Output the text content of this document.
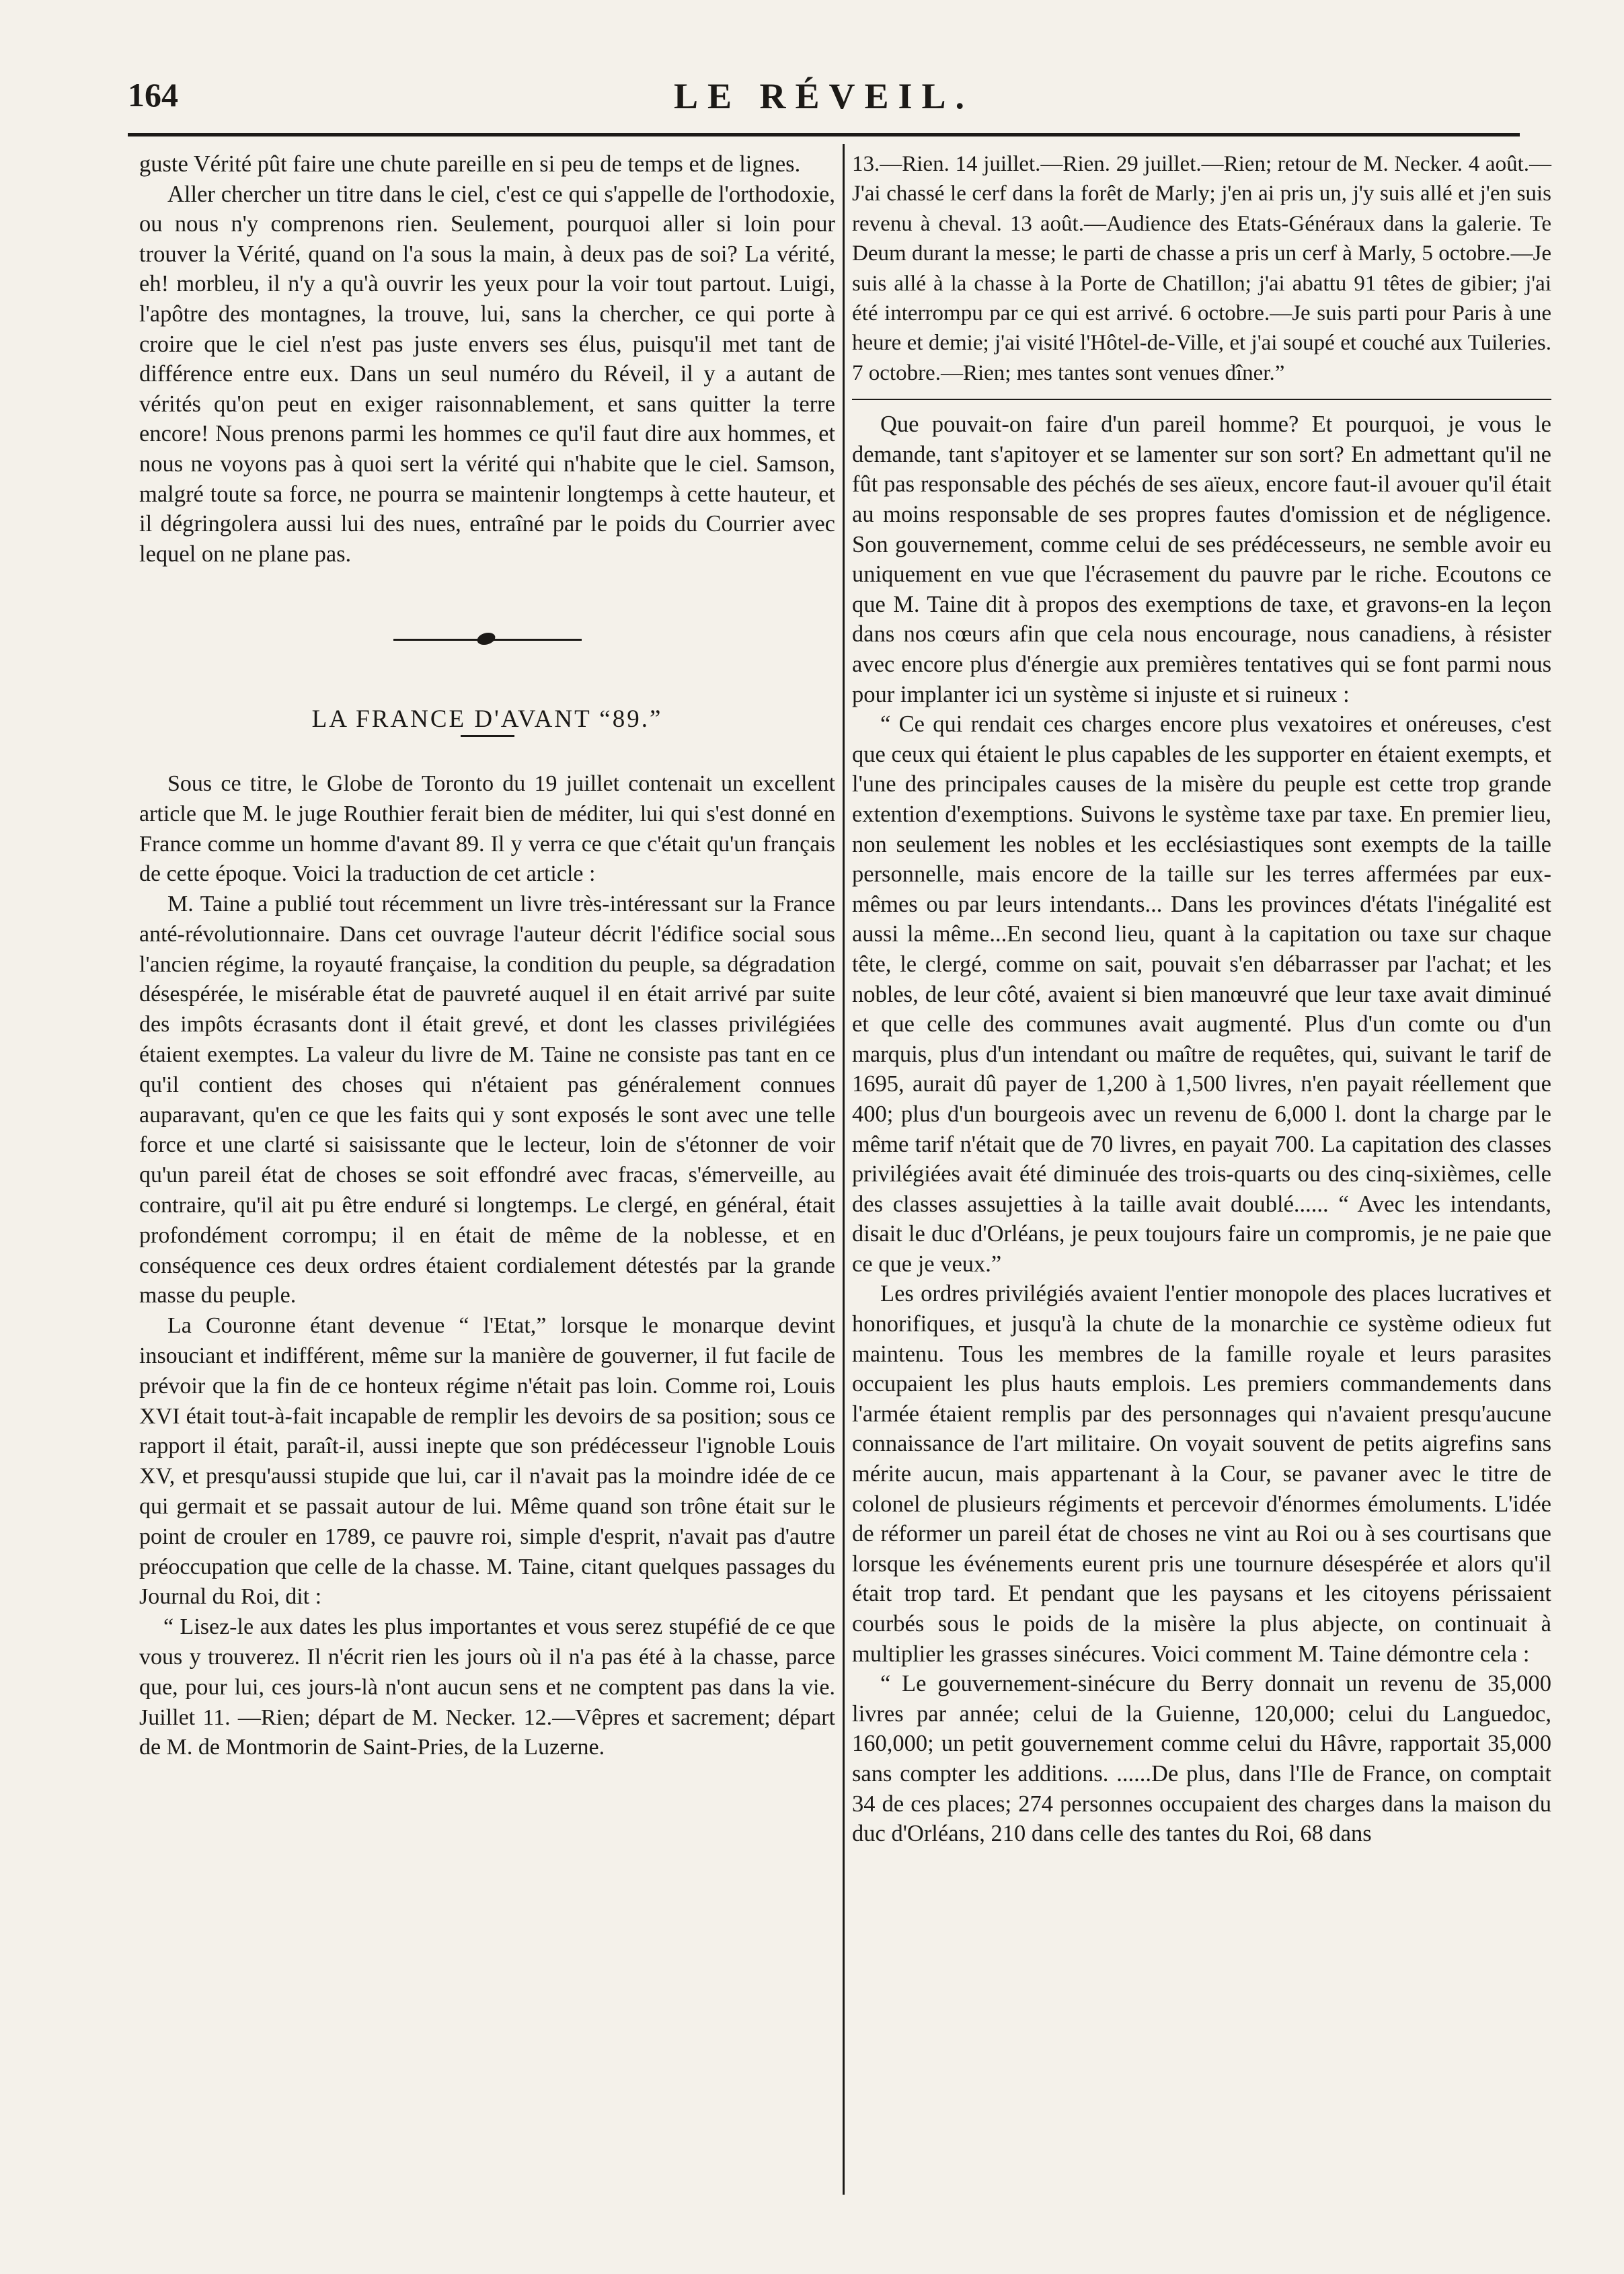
164	LE RÉVEIL.

guste Vérité pût faire une chute pareille en si peu de temps et de lignes.

Aller chercher un titre dans le ciel, c'est ce qui s'appelle de l'orthodoxie, ou nous n'y comprenons rien. Seulement, pourquoi aller si loin pour trouver la Vérité, quand on l'a sous la main, à deux pas de soi? La vérité, eh! morbleu, il n'y a qu'à ouvrir les yeux pour la voir tout partout. Luigi, l'apôtre des montagnes, la trouve, lui, sans la chercher, ce qui porte à croire que le ciel n'est pas juste envers ses élus, puisqu'il met tant de différence entre eux. Dans un seul numéro du Réveil, il y a autant de vérités qu'on peut en exiger raisonnablement, et sans quitter la terre encore! Nous prenons parmi les hommes ce qu'il faut dire aux hommes, et nous ne voyons pas à quoi sert la vérité qui n'habite que le ciel. Samson, malgré toute sa force, ne pourra se maintenir longtemps à cette hauteur, et il dégringolera aussi lui des nues, entraîné par le poids du Courrier avec lequel on ne plane pas.

LA FRANCE D'AVANT “89.”

Sous ce titre, le Globe de Toronto du 19 juillet contenait un excellent article que M. le juge Routhier ferait bien de méditer, lui qui s'est donné en France comme un homme d'avant 89. Il y verra ce que c'était qu'un français de cette époque. Voici la traduction de cet article :

M. Taine a publié tout récemment un livre très-intéressant sur la France anté-révolutionnaire. Dans cet ouvrage l'auteur décrit l'édifice social sous l'ancien régime, la royauté française, la condition du peuple, sa dégradation désespérée, le misérable état de pauvreté auquel il en était arrivé par suite des impôts écrasants dont il était grevé, et dont les classes privilégiées étaient exemptes. La valeur du livre de M. Taine ne consiste pas tant en ce qu'il contient des choses qui n'étaient pas généralement connues auparavant, qu'en ce que les faits qui y sont exposés le sont avec une telle force et une clarté si saisissante que le lecteur, loin de s'étonner de voir qu'un pareil état de choses se soit effondré avec fracas, s'émerveille, au contraire, qu'il ait pu être enduré si longtemps. Le clergé, en général, était profondément corrompu; il en était de même de la noblesse, et en conséquence ces deux ordres étaient cordialement détestés par la grande masse du peuple.

La Couronne étant devenue “ l'Etat,” lorsque le monarque devint insouciant et indifférent, même sur la manière de gouverner, il fut facile de prévoir que la fin de ce honteux régime n'était pas loin. Comme roi, Louis XVI était tout-à-fait incapable de remplir les devoirs de sa position; sous ce rapport il était, paraît-il, aussi inepte que son prédécesseur l'ignoble Louis XV, et presqu'aussi stupide que lui, car il n'avait pas la moindre idée de ce qui germait et se passait autour de lui. Même quand son trône était sur le point de crouler en 1789, ce pauvre roi, simple d'esprit, n'avait pas d'autre préoccupation que celle de la chasse. M. Taine, citant quelques passages du Journal du Roi, dit :

“ Lisez-le aux dates les plus importantes et vous serez stupéfié de ce que vous y trouverez. Il n'écrit rien les jours où il n'a pas été à la chasse, parce que, pour lui, ces jours-là n'ont aucun sens et ne comptent pas dans la vie. Juillet 11. —Rien; départ de M. Necker. 12.—Vêpres et sacrement; départ de M. de Montmorin de Saint-Pries, de la Luzerne.

13.—Rien. 14 juillet.—Rien. 29 juillet.—Rien; retour de M. Necker. 4 août.—J'ai chassé le cerf dans la forêt de Marly; j'en ai pris un, j'y suis allé et j'en suis revenu à cheval. 13 août.—Audience des Etats-Généraux dans la galerie. Te Deum durant la messe; le parti de chasse a pris un cerf à Marly, 5 octobre.—Je suis allé à la chasse à la Porte de Chatillon; j'ai abattu 91 têtes de gibier; j'ai été interrompu par ce qui est arrivé. 6 octobre.—Je suis parti pour Paris à une heure et demie; j'ai visité l'Hôtel-de-Ville, et j'ai soupé et couché aux Tuileries. 7 octobre.—Rien; mes tantes sont venues dîner.”

Que pouvait-on faire d'un pareil homme? Et pourquoi, je vous le demande, tant s'apitoyer et se lamenter sur son sort? En admettant qu'il ne fût pas responsable des péchés de ses aïeux, encore faut-il avouer qu'il était au moins responsable de ses propres fautes d'omission et de négligence. Son gouvernement, comme celui de ses prédécesseurs, ne semble avoir eu uniquement en vue que l'écrasement du pauvre par le riche. Ecoutons ce que M. Taine dit à propos des exemptions de taxe, et gravons-en la leçon dans nos cœurs afin que cela nous encourage, nous canadiens, à résister avec encore plus d'énergie aux premières tentatives qui se font parmi nous pour implanter ici un système si injuste et si ruineux :

“ Ce qui rendait ces charges encore plus vexatoires et onéreuses, c'est que ceux qui étaient le plus capables de les supporter en étaient exempts, et l'une des principales causes de la misère du peuple est cette trop grande extention d'exemptions. Suivons le système taxe par taxe. En premier lieu, non seulement les nobles et les ecclésiastiques sont exempts de la taille personnelle, mais encore de la taille sur les terres affermées par eux-mêmes ou par leurs intendants... Dans les provinces d'états l'inégalité est aussi la même...En second lieu, quant à la capitation ou taxe sur chaque tête, le clergé, comme on sait, pouvait s'en débarrasser par l'achat; et les nobles, de leur côté, avaient si bien manœuvré que leur taxe avait diminué et que celle des communes avait augmenté. Plus d'un comte ou d'un marquis, plus d'un intendant ou maître de requêtes, qui, suivant le tarif de 1695, aurait dû payer de 1,200 à 1,500 livres, n'en payait réellement que 400; plus d'un bourgeois avec un revenu de 6,000 l. dont la charge par le même tarif n'était que de 70 livres, en payait 700. La capitation des classes privilégiées avait été diminuée des trois-quarts ou des cinq-sixièmes, celle des classes assujetties à la taille avait doublé...... “ Avec les intendants, disait le duc d'Orléans, je peux toujours faire un compromis, je ne paie que ce que je veux.”

Les ordres privilégiés avaient l'entier monopole des places lucratives et honorifiques, et jusqu'à la chute de la monarchie ce système odieux fut maintenu. Tous les membres de la famille royale et leurs parasites occupaient les plus hauts emplois. Les premiers commandements dans l'armée étaient remplis par des personnages qui n'avaient presqu'aucune connaissance de l'art militaire. On voyait souvent de petits aigrefins sans mérite aucun, mais appartenant à la Cour, se pavaner avec le titre de colonel de plusieurs régiments et percevoir d'énormes émoluments. L'idée de réformer un pareil état de choses ne vint au Roi ou à ses courtisans que lorsque les événements eurent pris une tournure désespérée et alors qu'il était trop tard. Et pendant que les paysans et les citoyens périssaient courbés sous le poids de la misère la plus abjecte, on continuait à multiplier les grasses sinécures. Voici comment M. Taine démontre cela :

“ Le gouvernement-sinécure du Berry donnait un revenu de 35,000 livres par année; celui de la Guienne, 120,000; celui du Languedoc, 160,000; un petit gouvernement comme celui du Hâvre, rapportait 35,000 sans compter les additions. ......De plus, dans l'Ile de France, on comptait 34 de ces places; 274 personnes occupaient des charges dans la maison du duc d'Orléans, 210 dans celle des tantes du Roi, 68 dans
